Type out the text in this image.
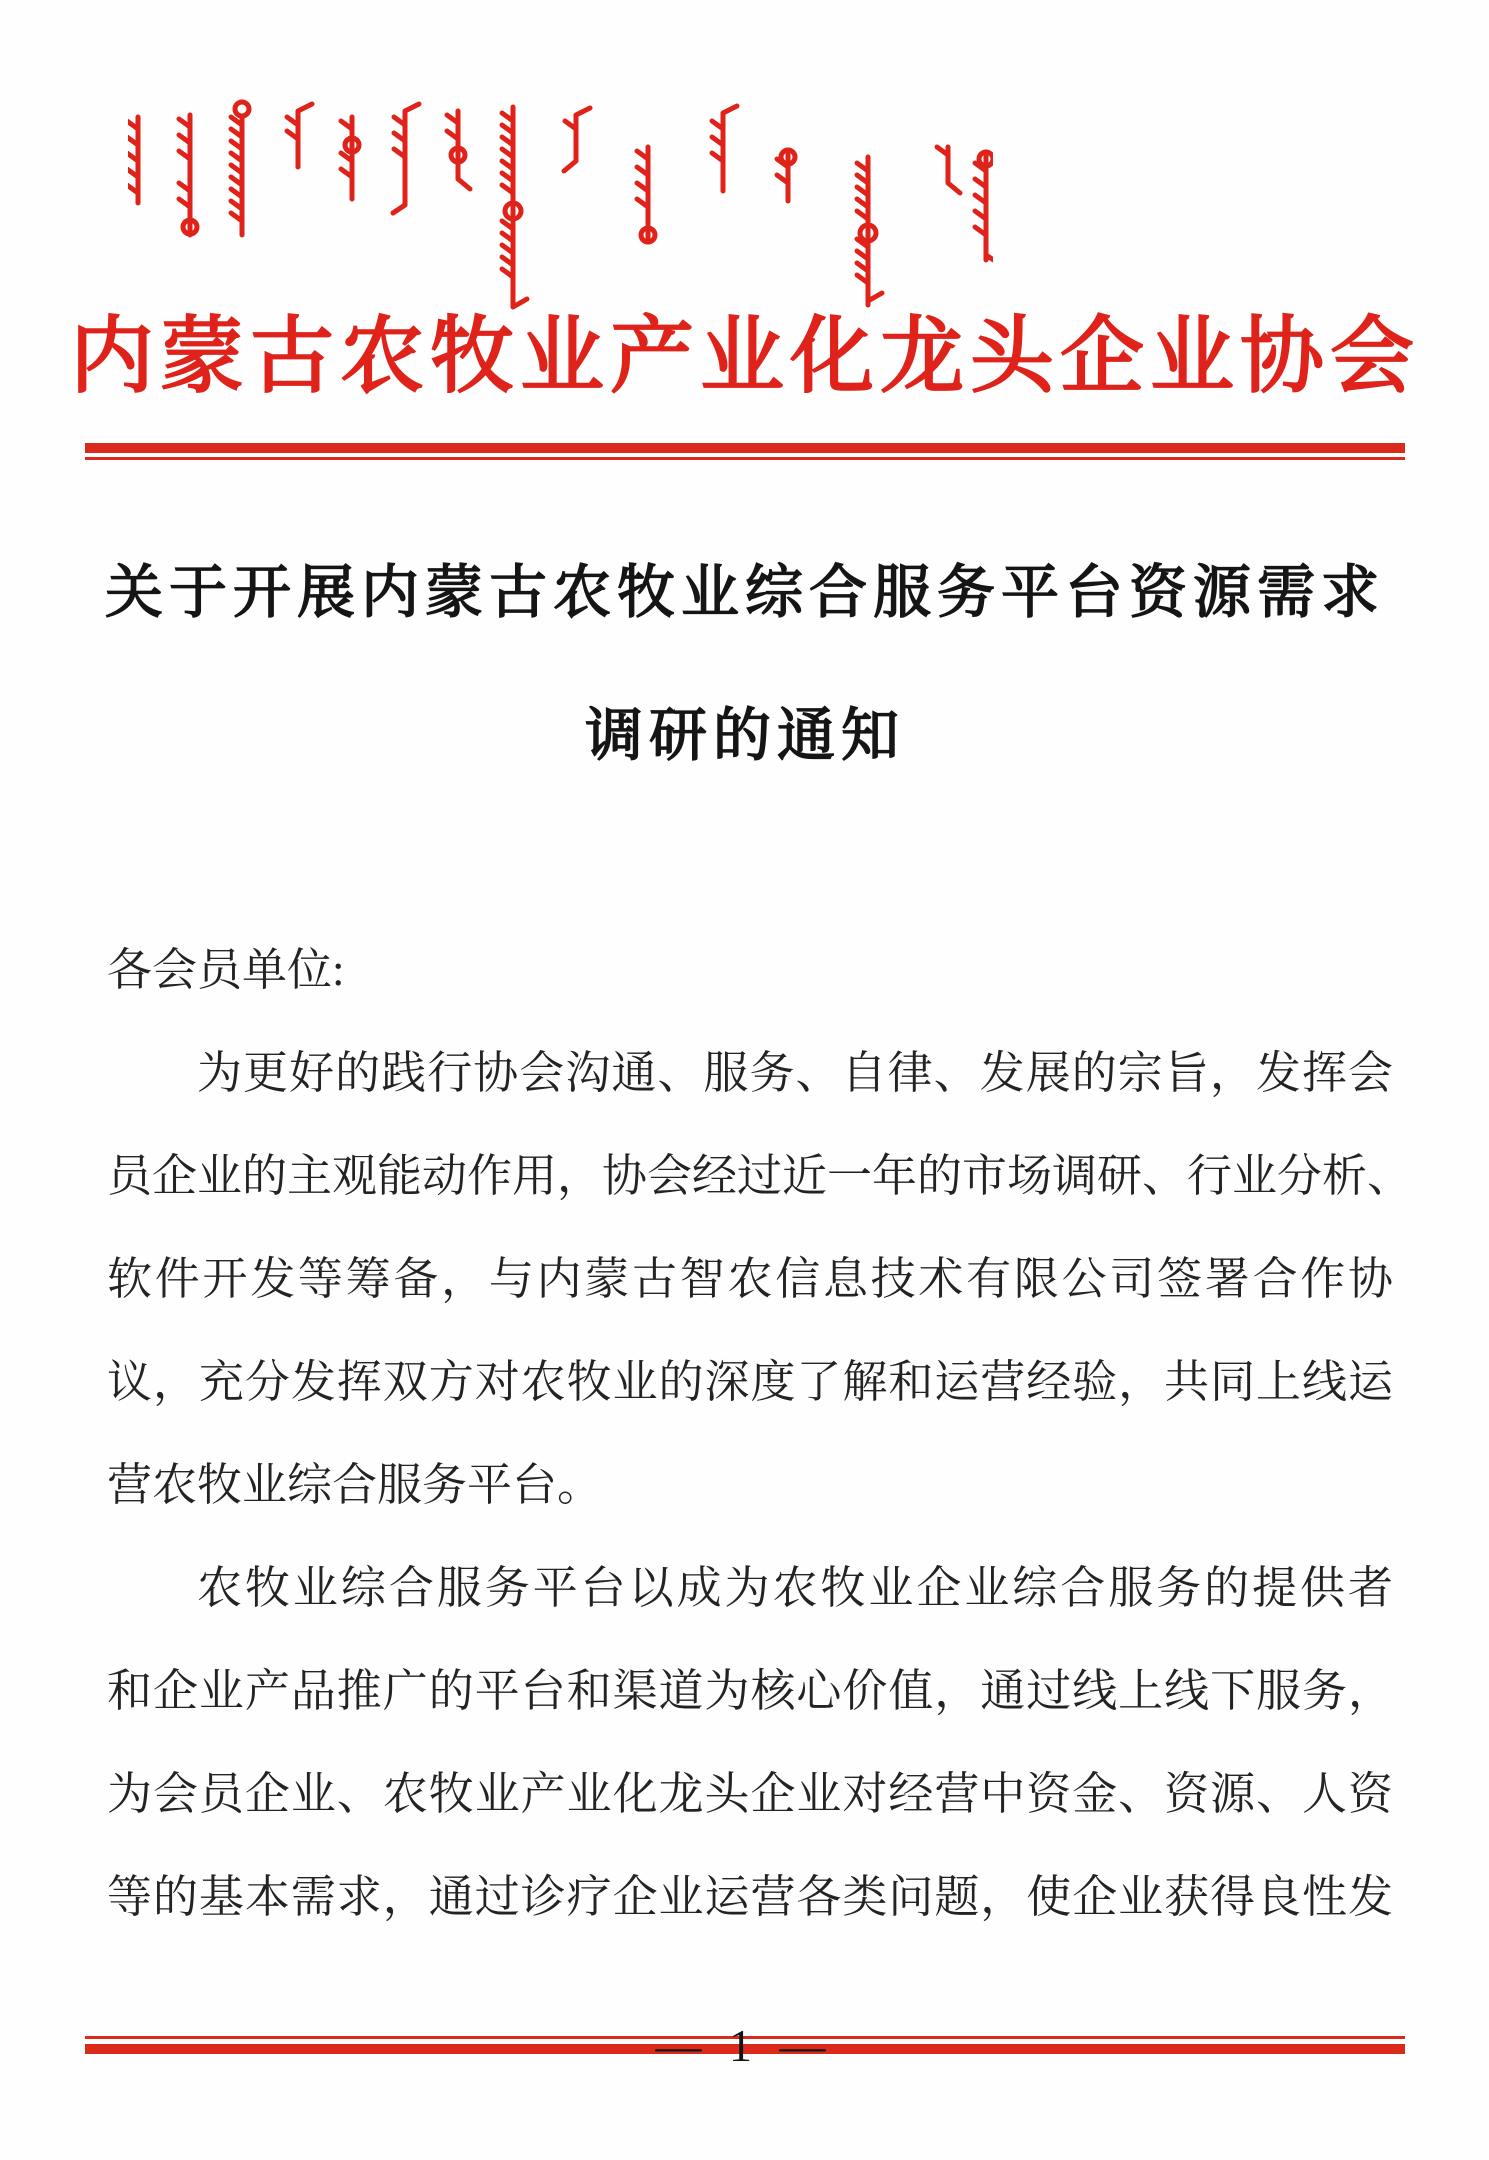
内蒙古农牧业产业化龙头企业协会
关于开展内蒙古农牧业综合服务平台资源需求
调研的通知
各会员单位:
为更好的践行协会沟通、服务、自律、发展的宗旨，发挥会
员企业的主观能动作用，协会经过近一年的市场调研、行业分析、
软件开发等筹备，与内蒙古智农信息技术有限公司签署合作协
议，充分发挥双方对农牧业的深度了解和运营经验，共同上线运
营农牧业综合服务平台。
农牧业综合服务平台以成为农牧业企业综合服务的提供者
和企业产品推广的平台和渠道为核心价值，通过线上线下服务，
为会员企业、农牧业产业化龙头企业对经营中资金、资源、人资
等的基本需求，通过诊疗企业运营各类问题，使企业获得良性发
— 1 —
